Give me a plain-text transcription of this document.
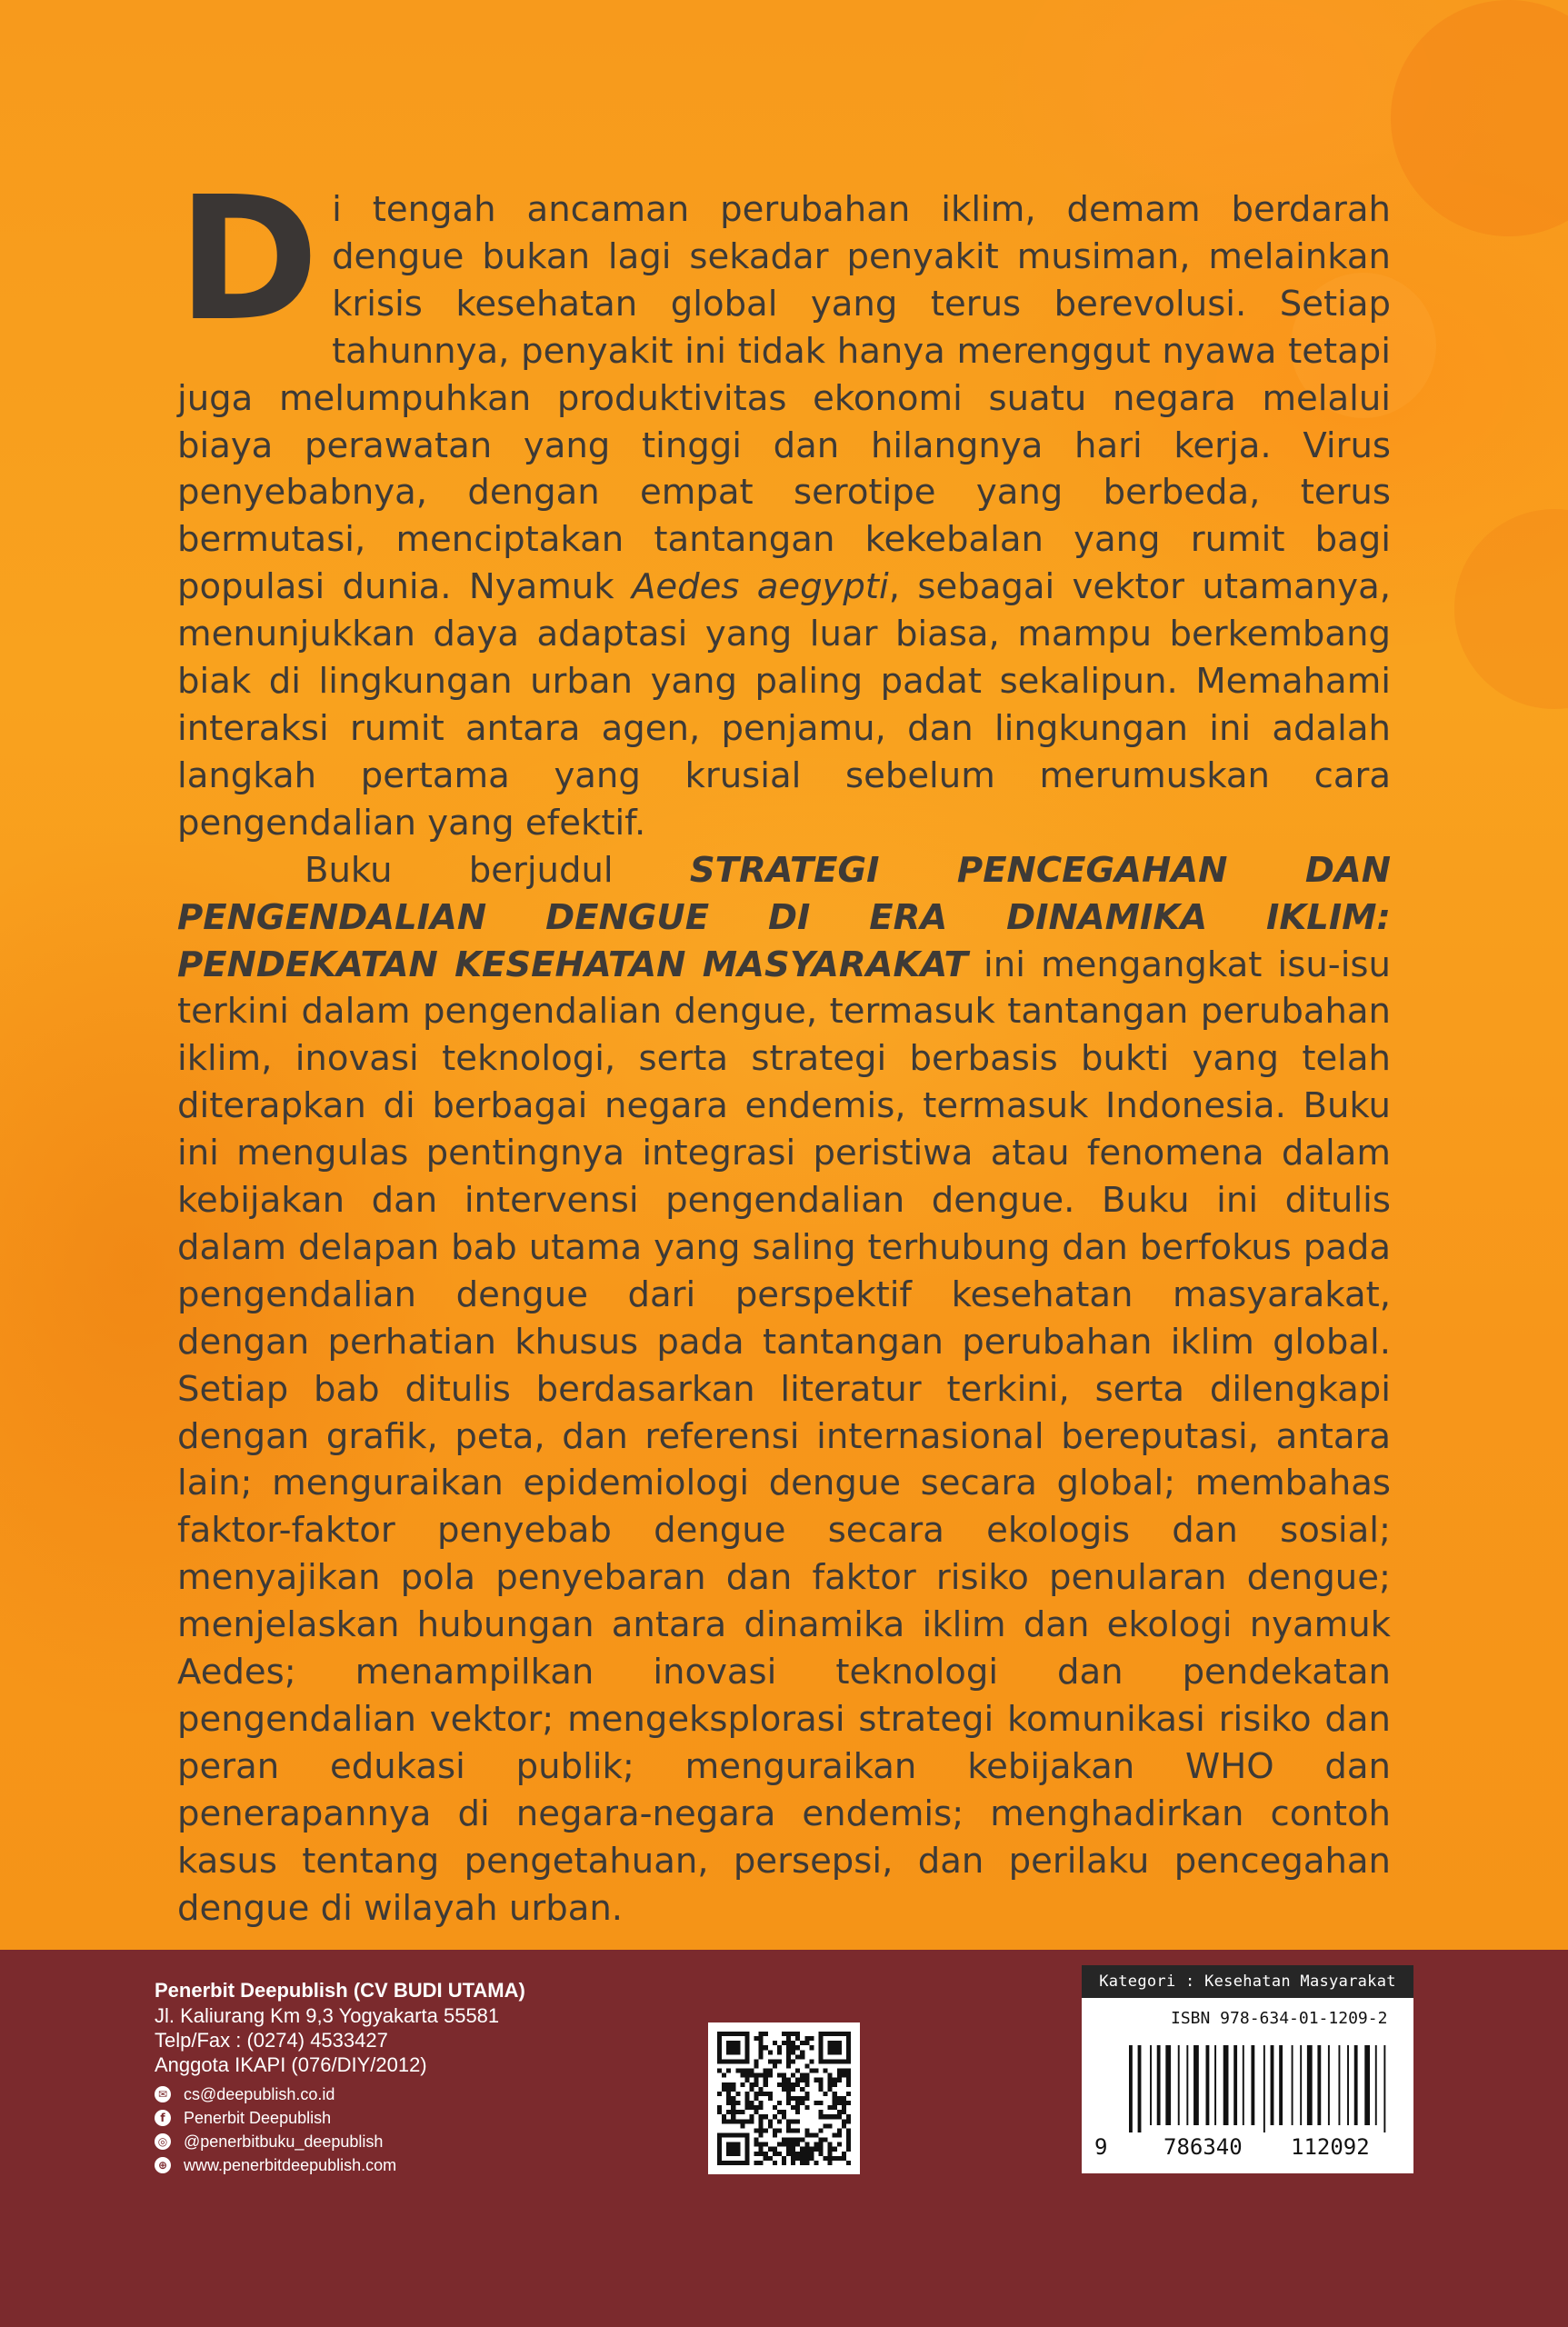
Di tengah ancaman perubahan iklim, demam berdarah dengue bukan lagi sekadar penyakit musiman, melainkan krisis kesehatan global yang terus berevolusi. Setiap tahunnya, penyakit ini tidak hanya merenggut nyawa tetapi juga melumpuhkan produktivitas ekonomi suatu negara melalui biaya perawatan yang tinggi dan hilangnya hari kerja. Virus penyebabnya, dengan empat serotipe yang berbeda, terus bermutasi, menciptakan tantangan kekebalan yang rumit bagi populasi dunia. Nyamuk Aedes aegypti, sebagai vektor utamanya, menunjukkan daya adaptasi yang luar biasa, mampu berkembang biak di lingkungan urban yang paling padat sekalipun. Memahami interaksi rumit antara agen, penjamu, dan lingkungan ini adalah langkah pertama yang krusial sebelum merumuskan cara pengendalian yang efektif.

Buku berjudul STRATEGI PENCEGAHAN DAN PENGENDALIAN DENGUE DI ERA DINAMIKA IKLIM: PENDEKATAN KESEHATAN MASYARAKAT ini mengangkat isu-isu terkini dalam pengendalian dengue, termasuk tantangan perubahan iklim, inovasi teknologi, serta strategi berbasis bukti yang telah diterapkan di berbagai negara endemis, termasuk Indonesia. Buku ini mengulas pentingnya integrasi peristiwa atau fenomena dalam kebijakan dan intervensi pengendalian dengue. Buku ini ditulis dalam delapan bab utama yang saling terhubung dan berfokus pada pengendalian dengue dari perspektif kesehatan masyarakat, dengan perhatian khusus pada tantangan perubahan iklim global. Setiap bab ditulis berdasarkan literatur terkini, serta dilengkapi dengan grafik, peta, dan referensi internasional bereputasi, antara lain; menguraikan epidemiologi dengue secara global; membahas faktor-faktor penyebab dengue secara ekologis dan sosial; menyajikan pola penyebaran dan faktor risiko penularan dengue; menjelaskan hubungan antara dinamika iklim dan ekologi nyamuk Aedes; menampilkan inovasi teknologi dan pendekatan pengendalian vektor; mengeksplorasi strategi komunikasi risiko dan peran edukasi publik; menguraikan kebijakan WHO dan penerapannya di negara-negara endemis; menghadirkan contoh kasus tentang pengetahuan, persepsi, dan perilaku pencegahan dengue di wilayah urban.

Penerbit Deepublish (CV BUDI UTAMA)
Jl. Kaliurang Km 9,3 Yogyakarta 55581
Telp/Fax : (0274) 4533427
Anggota IKAPI (076/DIY/2012)
✉ cs@deepublish.co.id
f	Penerbit Deepublish
◎ @penerbitbuku_deepublish
⊕ www.penerbitdeepublish.com
Kategori : Kesehatan Masyarakat
ISBN 978-634-01-1209-2
9	786340 112092
